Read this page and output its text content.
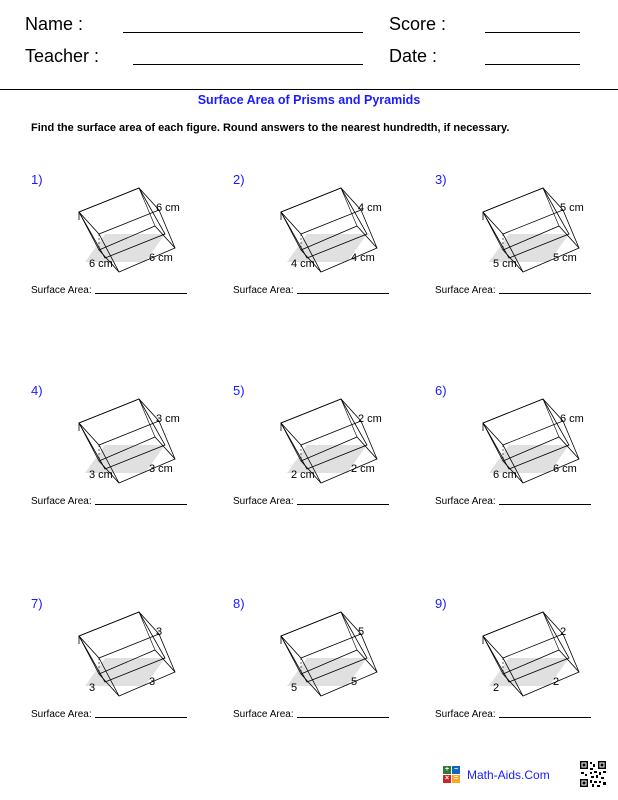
Name :	Score :
Teacher :	Date :
Surface Area of Prisms and Pyramids
Find the surface area of each figure. Round answers to the nearest hundredth, if necessary.
1)
6 cm
6 cm
6 cm
Surface Area:
2)
4 cm
4 cm
4 cm
Surface Area:
3)
5 cm
5 cm
5 cm
Surface Area:
4)
3 cm
3 cm
3 cm
Surface Area:
5)
2 cm
2 cm
2 cm
Surface Area:
6)
6 cm
6 cm
6 cm
Surface Area:
7)
3
3
3
Surface Area:
8)
5
5
5
Surface Area:
9)
2
2
2
Surface Area:
+ −
× = Math-Aids.Com
